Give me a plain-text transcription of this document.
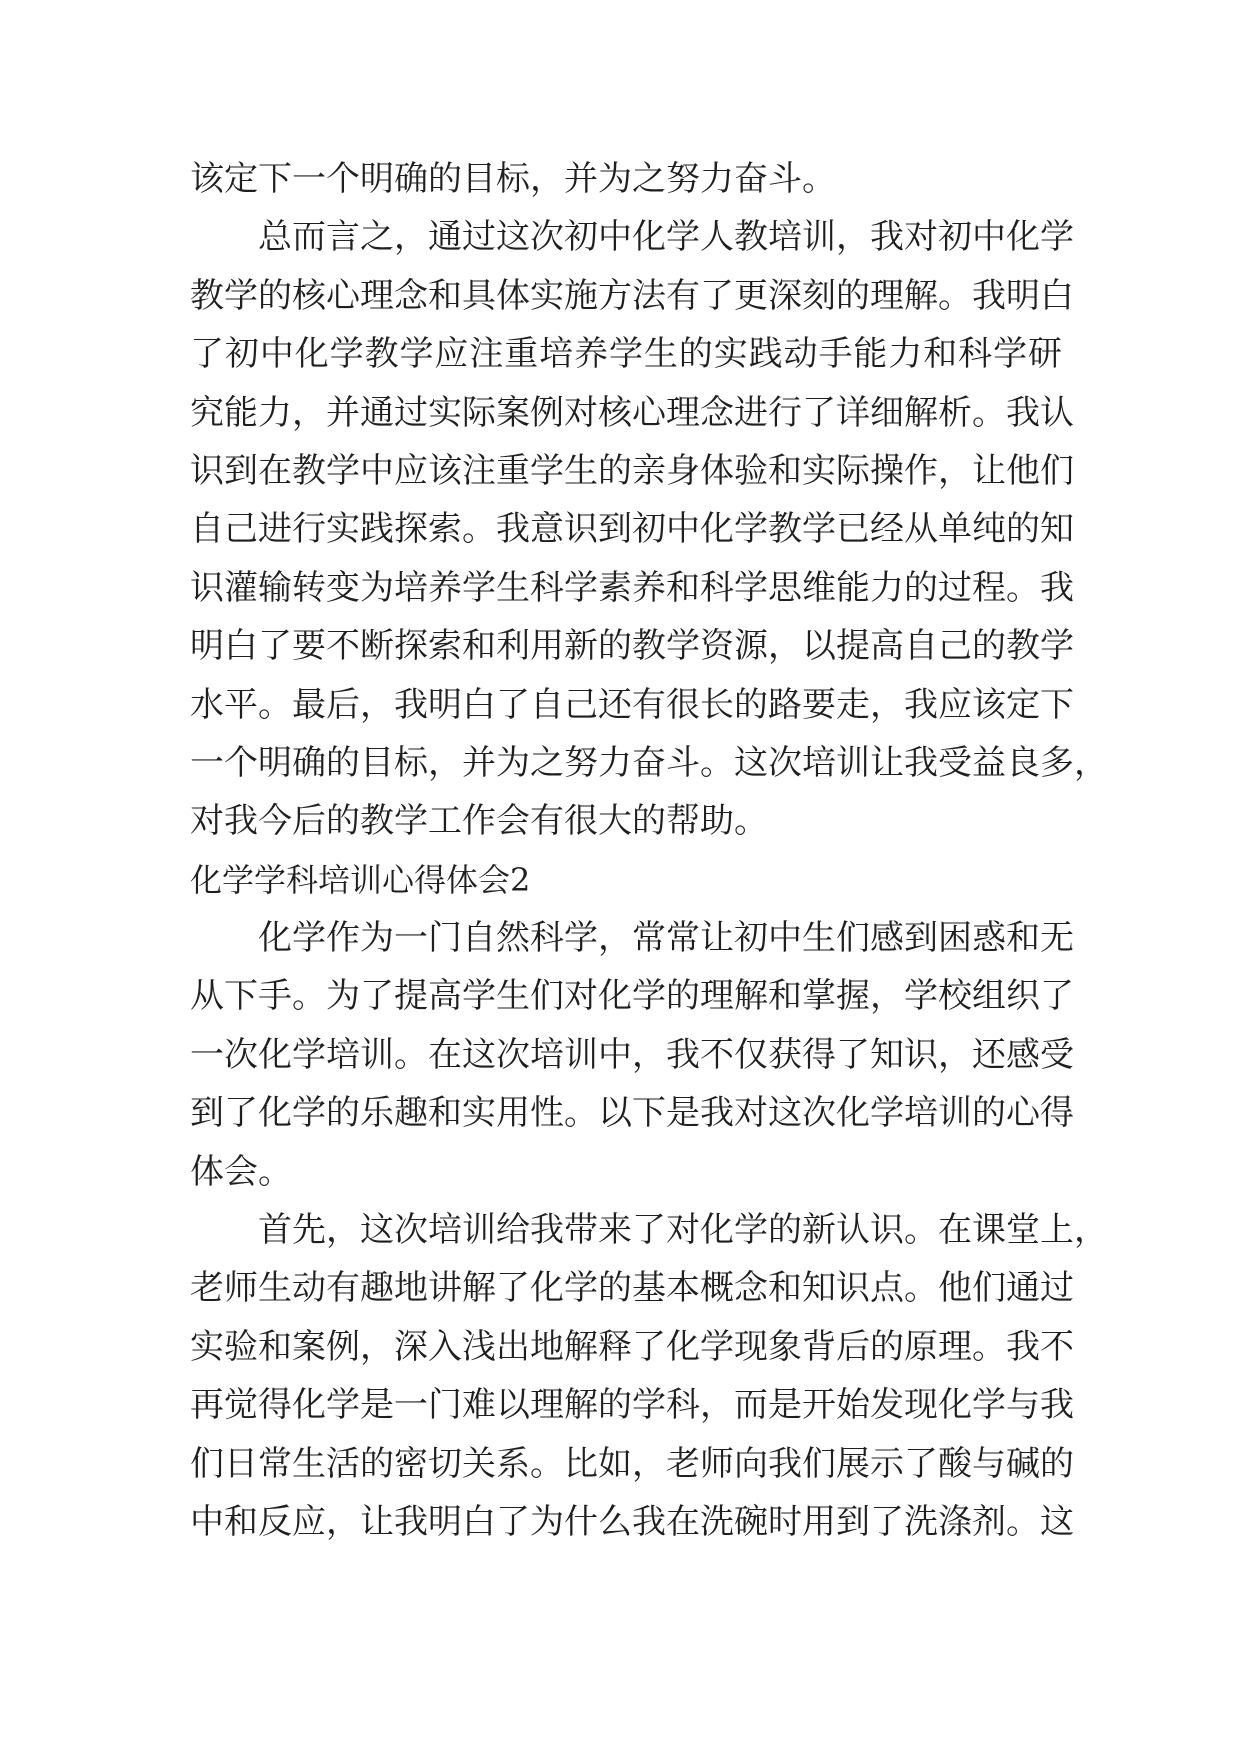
该定下一个明确的目标，并为之努力奋斗。
总而言之，通过这次初中化学人教培训，我对初中化学
教学的核心理念和具体实施方法有了更深刻的理解。我明白
了初中化学教学应注重培养学生的实践动手能力和科学研
究能力，并通过实际案例对核心理念进行了详细解析。我认
识到在教学中应该注重学生的亲身体验和实际操作，让他们
自己进行实践探索。我意识到初中化学教学已经从单纯的知
识灌输转变为培养学生科学素养和科学思维能力的过程。我
明白了要不断探索和利用新的教学资源，以提高自己的教学
水平。最后，我明白了自己还有很长的路要走，我应该定下
一个明确的目标，并为之努力奋斗。这次培训让我受益良多，
对我今后的教学工作会有很大的帮助。
化学学科培训心得体会2
化学作为一门自然科学，常常让初中生们感到困惑和无
从下手。为了提高学生们对化学的理解和掌握，学校组织了
一次化学培训。在这次培训中，我不仅获得了知识，还感受
到了化学的乐趣和实用性。以下是我对这次化学培训的心得
体会。
首先，这次培训给我带来了对化学的新认识。在课堂上，
老师生动有趣地讲解了化学的基本概念和知识点。他们通过
实验和案例，深入浅出地解释了化学现象背后的原理。我不
再觉得化学是一门难以理解的学科，而是开始发现化学与我
们日常生活的密切关系。比如，老师向我们展示了酸与碱的
中和反应，让我明白了为什么我在洗碗时用到了洗涤剂。这
